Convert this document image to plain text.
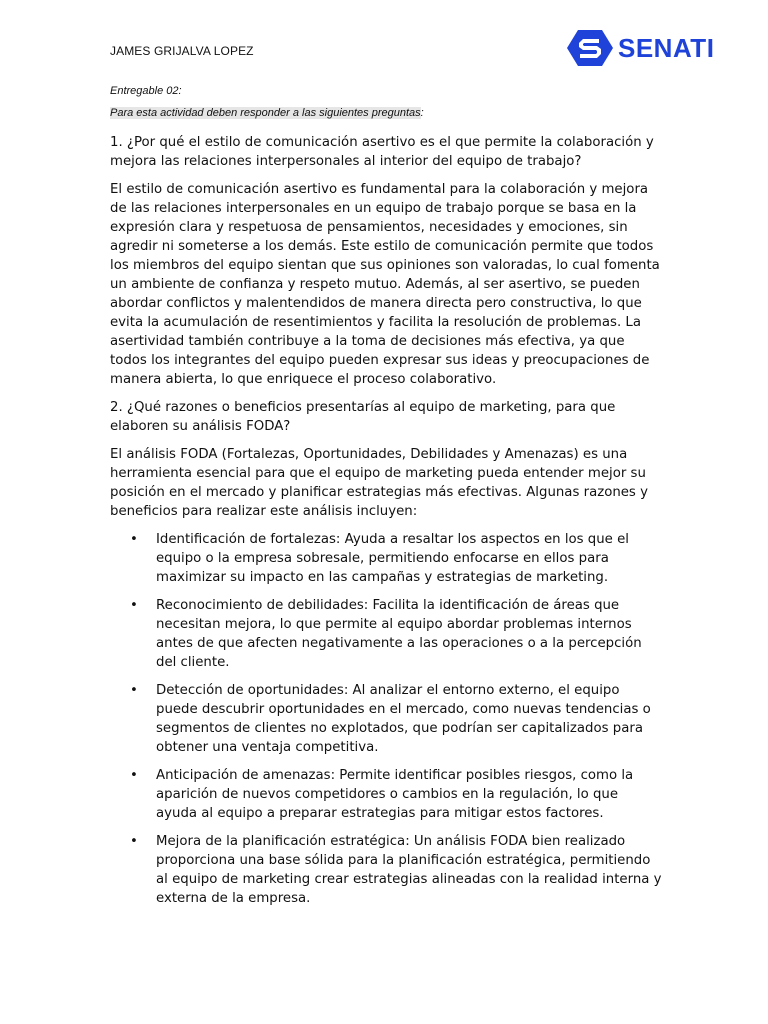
JAMES GRIJALVA LOPEZ	SENATI
Entregable 02:
Para esta actividad deben responder a las siguientes preguntas:

1. ¿Por qué el estilo de comunicación asertivo es el que permite la colaboración y mejora las relaciones interpersonales al interior del equipo de trabajo?

El estilo de comunicación asertivo es fundamental para la colaboración y mejora de las relaciones interpersonales en un equipo de trabajo porque se basa en la expresión clara y respetuosa de pensamientos, necesidades y emociones, sin agredir ni someterse a los demás. Este estilo de comunicación permite que todos los miembros del equipo sientan que sus opiniones son valoradas, lo cual fomenta un ambiente de confianza y respeto mutuo. Además, al ser asertivo, se pueden abordar conflictos y malentendidos de manera directa pero constructiva, lo que evita la acumulación de resentimientos y facilita la resolución de problemas. La asertividad también contribuye a la toma de decisiones más efectiva, ya que todos los integrantes del equipo pueden expresar sus ideas y preocupaciones de manera abierta, lo que enriquece el proceso colaborativo.

2. ¿Qué razones o beneficios presentarías al equipo de marketing, para que elaboren su análisis FODA?

El análisis FODA (Fortalezas, Oportunidades, Debilidades y Amenazas) es una herramienta esencial para que el equipo de marketing pueda entender mejor su posición en el mercado y planificar estrategias más efectivas. Algunas razones y beneficios para realizar este análisis incluyen:

• Identificación de fortalezas: Ayuda a resaltar los aspectos en los que el equipo o la empresa sobresale, permitiendo enfocarse en ellos para maximizar su impacto en las campañas y estrategias de marketing.
• Reconocimiento de debilidades: Facilita la identificación de áreas que necesitan mejora, lo que permite al equipo abordar problemas internos antes de que afecten negativamente a las operaciones o a la percepción del cliente.
• Detección de oportunidades: Al analizar el entorno externo, el equipo puede descubrir oportunidades en el mercado, como nuevas tendencias o segmentos de clientes no explotados, que podrían ser capitalizados para obtener una ventaja competitiva.
• Anticipación de amenazas: Permite identificar posibles riesgos, como la aparición de nuevos competidores o cambios en la regulación, lo que ayuda al equipo a preparar estrategias para mitigar estos factores.
• Mejora de la planificación estratégica: Un análisis FODA bien realizado proporciona una base sólida para la planificación estratégica, permitiendo al equipo de marketing crear estrategias alineadas con la realidad interna y externa de la empresa.
